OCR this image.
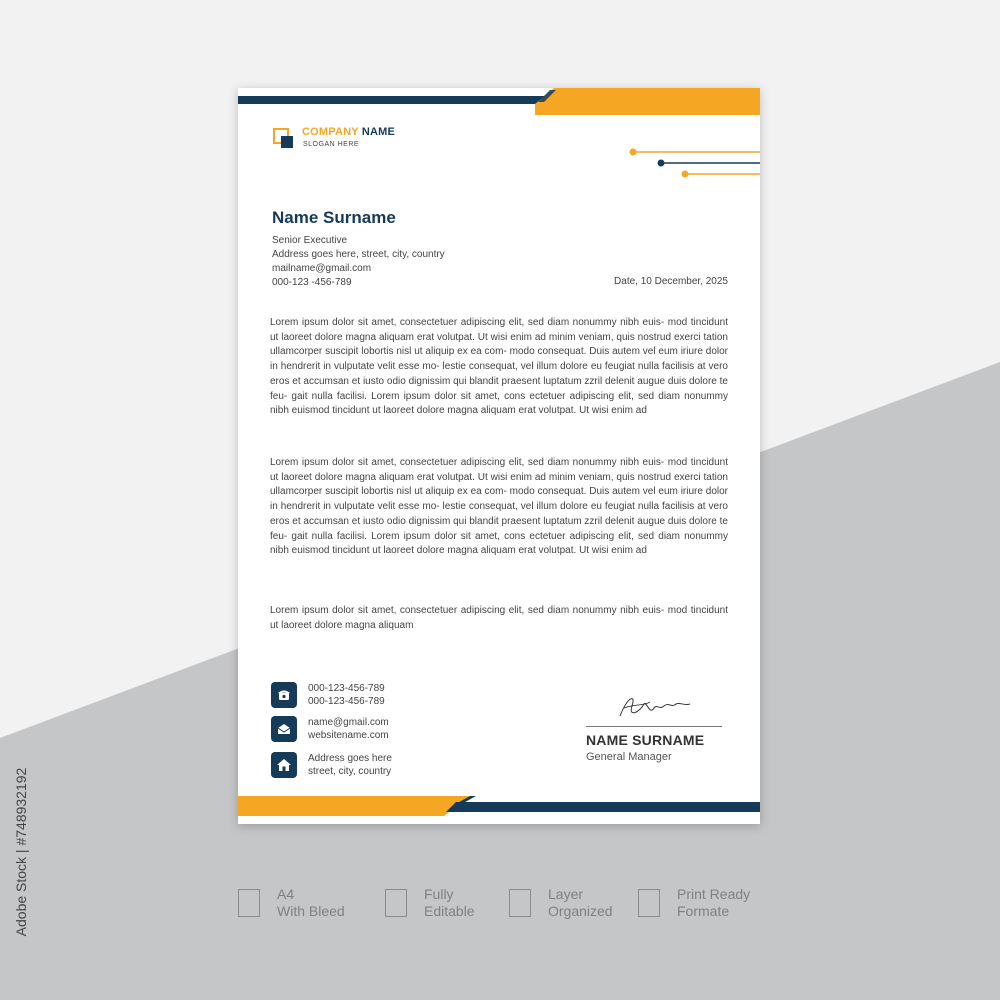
COMPANY NAME
SLOGAN HERE
Name Surname
Senior Executive
Address goes here, street, city, country
mailname@gmail.com
000-123 -456-789	Date, 10 December, 2025
Lorem ipsum dolor sit amet, consectetuer adipiscing elit, sed diam nonummy nibh euis- mod tincidunt ut laoreet dolore magna aliquam erat volutpat. Ut wisi enim ad minim veniam, quis nostrud exerci tation ullamcorper suscipit lobortis nisl ut aliquip ex ea com- modo consequat. Duis autem vel eum iriure dolor in hendrerit in vulputate velit esse mo- lestie consequat, vel illum dolore eu feugiat nulla facilisis at vero eros et accumsan et iusto odio dignissim qui blandit praesent luptatum zzril delenit augue duis dolore te feu- gait nulla facilisi. Lorem ipsum dolor sit amet, cons ectetuer adipiscing elit, sed diam nonummy nibh euismod tincidunt ut laoreet dolore magna aliquam erat volutpat. Ut wisi enim ad
Lorem ipsum dolor sit amet, consectetuer adipiscing elit, sed diam nonummy nibh euis- mod tincidunt ut laoreet dolore magna aliquam erat volutpat. Ut wisi enim ad minim veniam, quis nostrud exerci tation ullamcorper suscipit lobortis nisl ut aliquip ex ea com- modo consequat. Duis autem vel eum iriure dolor in hendrerit in vulputate velit esse mo- lestie consequat, vel illum dolore eu feugiat nulla facilisis at vero eros et accumsan et iusto odio dignissim qui blandit praesent luptatum zzril delenit augue duis dolore te feu- gait nulla facilisi. Lorem ipsum dolor sit amet, cons ectetuer adipiscing elit, sed diam nonummy nibh euismod tincidunt ut laoreet dolore magna aliquam erat volutpat. Ut wisi enim ad
Lorem ipsum dolor sit amet, consectetuer adipiscing elit, sed diam nonummy nibh euis- mod tincidunt ut laoreet dolore magna aliquam
000-123-456-789
000-123-456-789
name@gmail.com
websitename.com
Address goes here
street, city, country
NAME SURNAME
General Manager
A4
With Bleed
Fully
Editable
Layer
Organized
Print Ready
Formate
Adobe Stock | #748932192
